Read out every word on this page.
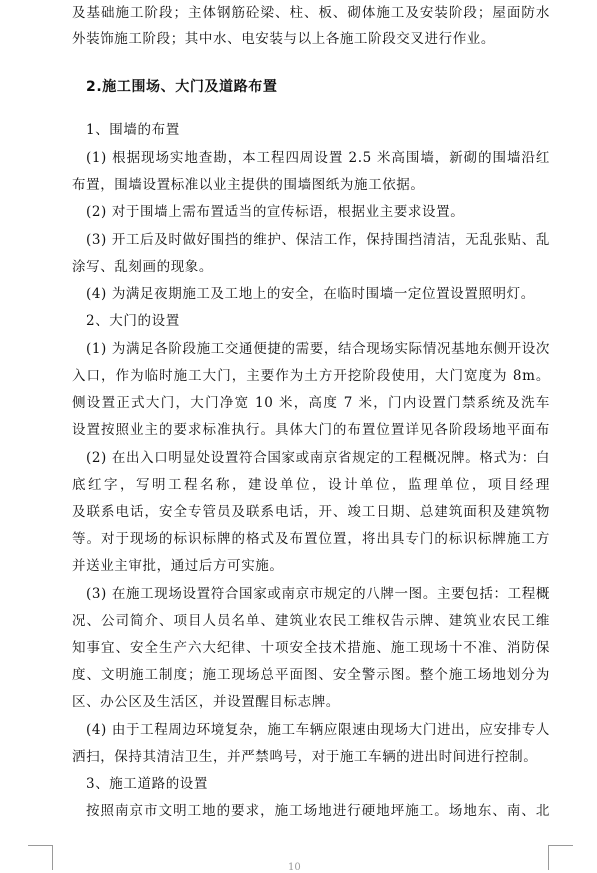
及基础施工阶段；主体钢筋砼梁、柱、板、砌体施工及安装阶段；屋面防水
外装饰施工阶段；其中水、电安装与以上各施工阶段交叉进行作业。
2.施工围场、大门及道路布置
1、围墙的布置
(1) 根据现场实地查勘，本工程四周设置 2.5 米高围墙，新砌的围墙沿红
布置，围墙设置标准以业主提供的围墙图纸为施工依据。
(2) 对于围墙上需布置适当的宣传标语，根据业主要求设置。
(3) 开工后及时做好围挡的维护、保洁工作，保持围挡清洁，无乱张贴、乱
涂写、乱刻画的现象。
(4) 为满足夜期施工及工地上的安全，在临时围墙一定位置设置照明灯。
2、大门的设置
(1) 为满足各阶段施工交通便捷的需要，结合现场实际情况基地东侧开设次
入口，作为临时施工大门，主要作为土方开挖阶段使用，大门宽度为 8m。
侧设置正式大门，大门净宽 10 米，高度 7 米，门内设置门禁系统及洗车
设置按照业主的要求标准执行。具体大门的布置位置详见各阶段场地平面布
(2) 在出入口明显处设置符合国家或南京省规定的工程概况牌。格式为：白
底红字，写明工程名称，建设单位，设计单位，监理单位，项目经理
及联系电话，安全专管员及联系电话，开、竣工日期、总建筑面积及建筑物
等。对于现场的标识标牌的格式及布置位置，将出具专门的标识标牌施工方
并送业主审批，通过后方可实施。
(3) 在施工现场设置符合国家或南京市规定的八牌一图。主要包括：工程概
况、公司简介、项目人员名单、建筑业农民工维权告示牌、建筑业农民工维
知事宜、安全生产六大纪律、十项安全技术措施、施工现场十不准、消防保
度、文明施工制度；施工现场总平面图、安全警示图。整个施工场地划分为
区、办公区及生活区，并设置醒目标志牌。
(4) 由于工程周边环境复杂，施工车辆应限速由现场大门进出，应安排专人
洒扫，保持其清洁卫生，并严禁鸣号，对于施工车辆的进出时间进行控制。
3、施工道路的设置
按照南京市文明工地的要求，施工场地进行硬地坪施工。场地东、南、北
10
